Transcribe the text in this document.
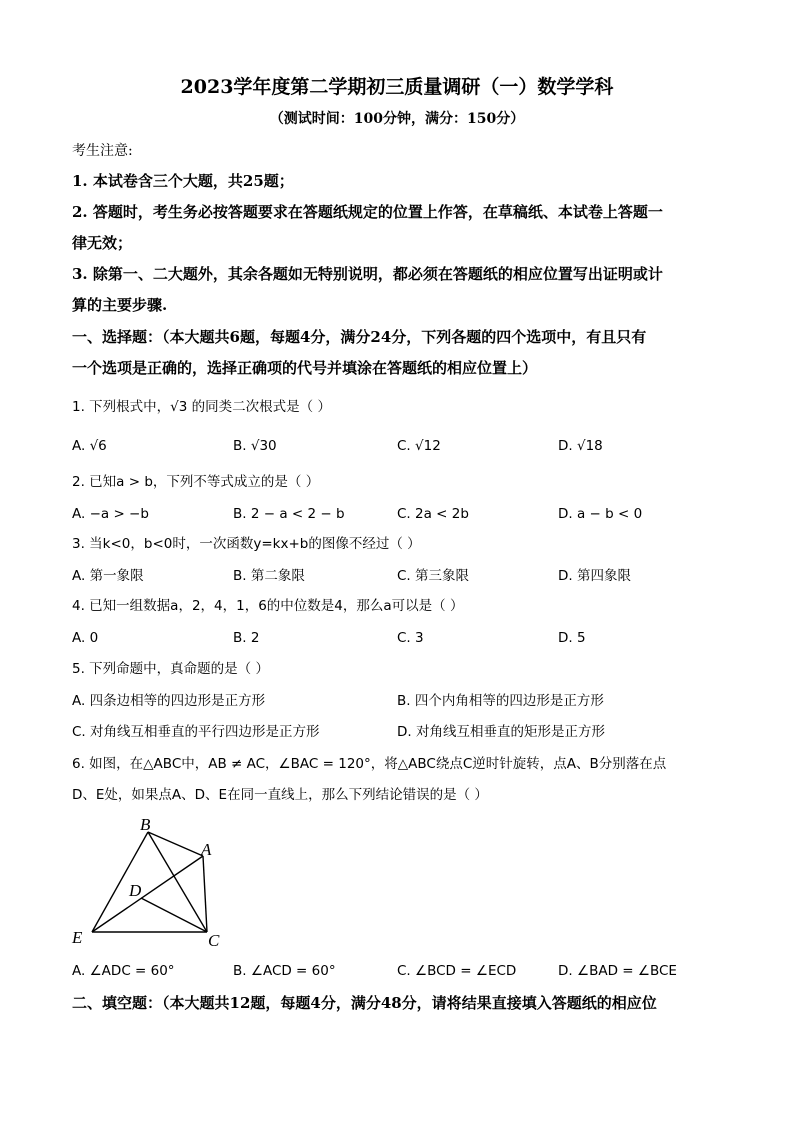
2023学年度第二学期初三质量调研（一）数学学科
（测试时间：100分钟，满分：150分）
考生注意:
1. 本试卷含三个大题，共25题；
2. 答题时，考生务必按答题要求在答题纸规定的位置上作答，在草稿纸、本试卷上答题一
律无效；
3. 除第一、二大题外，其余各题如无特别说明，都必须在答题纸的相应位置写出证明或计
算的主要步骤.
一、选择题：（本大题共6题，每题4分，满分24分，下列各题的四个选项中，有且只有
一个选项是正确的，选择正确项的代号并填涂在答题纸的相应位置上）
1. 下列根式中，√3 的同类二次根式是（ ）
A. √6	B. √30	C. √12	D. √18
2. 已知a > b，下列不等式成立的是（ ）
A. −a > −b	B. 2 − a < 2 − b	C. 2a < 2b	D. a − b < 0
3. 当k<0，b<0时，一次函数y=kx+b的图像不经过（ ）
A. 第一象限	B. 第二象限	C. 第三象限	D. 第四象限
4. 已知一组数据a，2，4，1，6的中位数是4，那么a可以是（ ）
A. 0	B. 2	C. 3	D. 5
5. 下列命题中，真命题的是（ ）
A. 四条边相等的四边形是正方形	B. 四个内角相等的四边形是正方形
C. 对角线互相垂直的平行四边形是正方形	D. 对角线互相垂直的矩形是正方形
6. 如图，在△ABC中，AB ≠ AC，∠BAC = 120°，将△ABC绕点C逆时针旋转，点A、B分别落在点
D、E处，如果点A、D、E在同一直线上，那么下列结论错误的是（ ）
B
A
D
E	C
A. ∠ADC = 60°	B. ∠ACD = 60°	C. ∠BCD = ∠ECD	D. ∠BAD = ∠BCE
二、填空题：（本大题共12题，每题4分，满分48分，请将结果直接填入答题纸的相应位
